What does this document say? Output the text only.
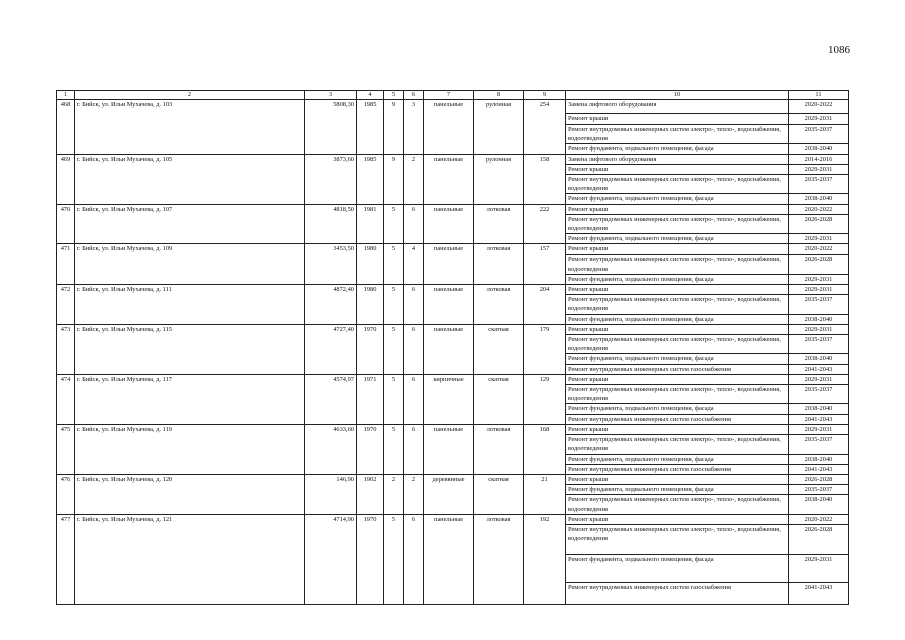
1086
1	2	3	4	5	6	7	8	9	10	11
468	г. Бийск, ул. Ильи Мухачева, д. 103	5808,30	1985	9	3	панельные	рулонная	254	Замена лифтового оборудования	2020-2022
									Ремонт крыши	2029-2031
									Ремонт внутридомовых инженерных систем электро-, тепло-, водоснабжения, водоотведения	2035-2037
									Ремонт фундамента, подвального помещения, фасада	2038-2040
469	г. Бийск, ул. Ильи Мухачева, д. 105	3873,60	1985	9	2	панельные	рулонная	158	Замена лифтового оборудования	2014-2016
									Ремонт крыши	2029-2031
									Ремонт внутридомовых инженерных систем электро-, тепло-, водоснабжения, водоотведения	2035-2037
									Ремонт фундамента, подвального помещения, фасада	2038-2040
470	г. Бийск, ул. Ильи Мухачева, д. 107	4818,50	1981	5	6	панельные	лотковая	222	Ремонт крыши	2020-2022
									Ремонт внутридомовых инженерных систем электро-, тепло-, водоснабжения, водоотведения	2026-2028
									Ремонт фундамента, подвального помещения, фасада	2029-2031
471	г. Бийск, ул. Ильи Мухачева, д. 109	3453,50	1980	5	4	панельные	лотковая	157	Ремонт крыши	2020-2022
									Ремонт внутридомовых инженерных систем электро-, тепло-, водоснабжения, водоотведения	2026-2028
									Ремонт фундамента, подвального помещения, фасада	2029-2031
472	г. Бийск, ул. Ильи Мухачева, д. 111	4872,40	1980	5	6	панельные	лотковая	204	Ремонт крыши	2029-2031
									Ремонт внутридомовых инженерных систем электро-, тепло-, водоснабжения, водоотведения	2035-2037
									Ремонт фундамента, подвального помещения, фасада	2038-2040
473	г. Бийск, ул. Ильи Мухачева, д. 115	4727,40	1970	5	6	панельные	скатная	179	Ремонт крыши	2029-2031
									Ремонт внутридомовых инженерных систем электро-, тепло-, водоснабжения, водоотведения	2035-2037
									Ремонт фундамента, подвального помещения, фасада	2038-2040
									Ремонт внутридомовых инженерных систем газоснабжения	2041-2043
474	г. Бийск, ул. Ильи Мухачева, д. 117	4574,97	1971	5	6	кирпичные	скатная	129	Ремонт крыши	2029-2031
									Ремонт внутридомовых инженерных систем электро-, тепло-, водоснабжения, водоотведения	2035-2037
									Ремонт фундамента, подвального помещения, фасада	2038-2040
									Ремонт внутридомовых инженерных систем газоснабжения	2041-2043
475	г. Бийск, ул. Ильи Мухачева, д. 119	4633,60	1970	5	6	панельные	лотковая	168	Ремонт крыши	2029-2031
									Ремонт внутридомовых инженерных систем электро-, тепло-, водоснабжения, водоотведения	2035-2037
									Ремонт фундамента, подвального помещения, фасада	2038-2040
									Ремонт внутридомовых инженерных систем газоснабжения	2041-2043
476	г. Бийск, ул. Ильи Мухачева, д. 120	146,90	1902	2	2	деревянные	скатная	21	Ремонт крыши	2026-2028
									Ремонт фундамента, подвального помещения, фасада	2035-2037
									Ремонт внутридомовых инженерных систем электро-, тепло-, водоснабжения, водоотведения	2038-2040
477	г. Бийск, ул. Ильи Мухачева, д. 121	4714,90	1970	5	6	панельные	лотковая	192	Ремонт крыши	2020-2022
									Ремонт внутридомовых инженерных систем электро-, тепло-, водоснабжения, водоотведения	2026-2028
									Ремонт фундамента, подвального помещения, фасада	2029-2031
									Ремонт внутридомовых инженерных систем газоснабжения	2041-2043
